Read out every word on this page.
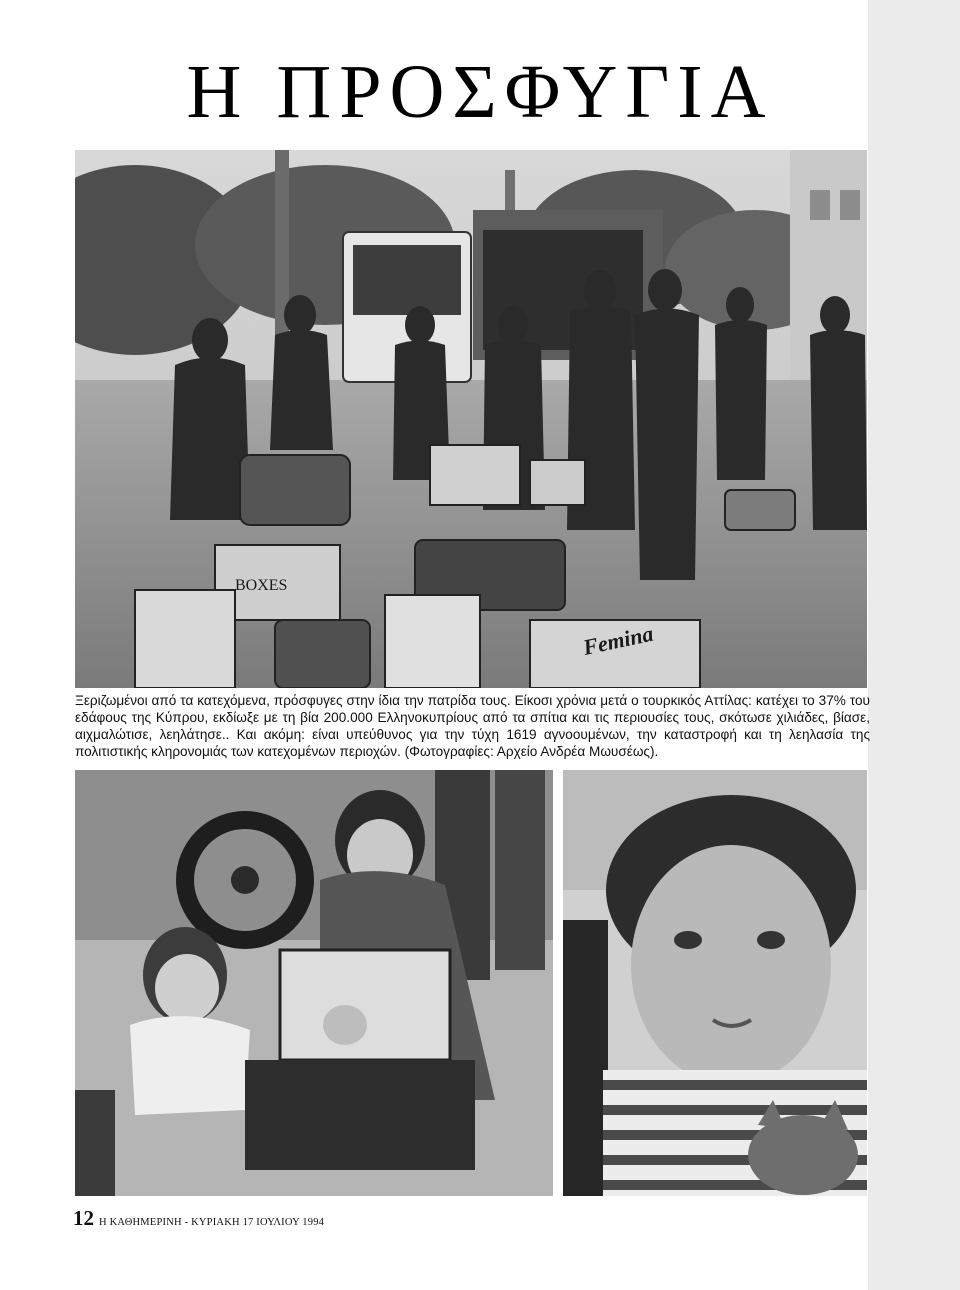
Η ΠΡΟΣΦΥΓΙΑ
Femina
BOXES

Ξεριζωμένοι από τα κατεχόμενα, πρόσφυγες στην ίδια την πατρίδα τους. Είκοσι χρόνια μετά ο τουρκικός Αττίλας: κατέχει το 37% του εδάφους της Κύπρου, εκδίωξε με τη βία 200.000 Ελληνοκυπρίους από τα σπίτια και τις περιουσίες τους, σκότωσε χιλιάδες, βίασε, αιχμαλώτισε, λεηλάτησε.. Και ακόμη: είναι υπεύθυνος για την τύχη 1619 αγνοουμένων, την καταστροφή και τη λεηλασία της πολιτιστικής κληρονομιάς των κατεχομένων περιοχών. (Φωτογραφίες: Αρχείο Ανδρέα Μωυσέως).

12 Η ΚΑΘΗΜΕΡΙΝΗ - ΚΥΡΙΑΚΗ 17 ΙΟΥΛΙΟΥ 1994
